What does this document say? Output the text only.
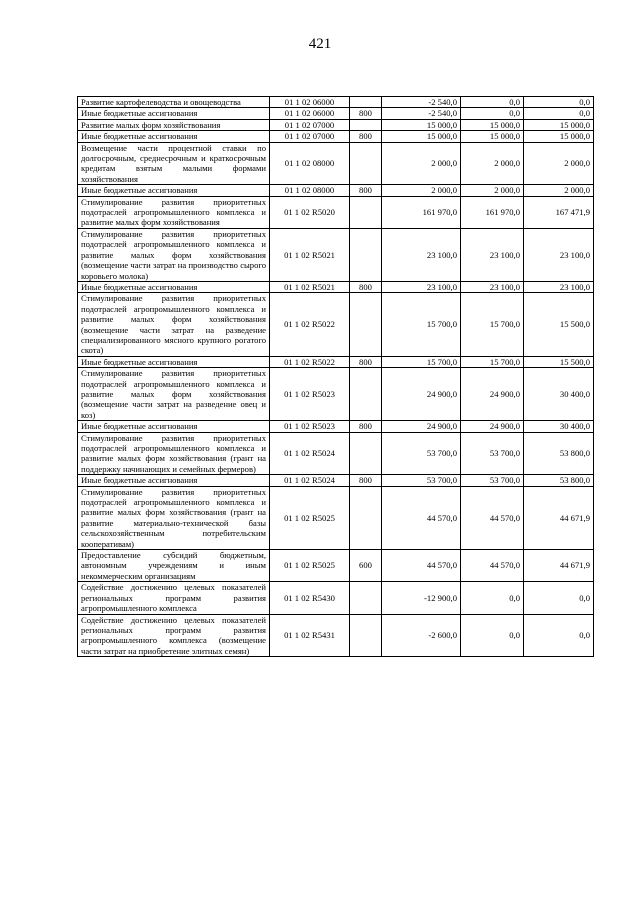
421
Развитие картофелеводства и овощеводства	01 1 02 06000		-2 540,0	0,0	0,0
Иные бюджетные ассигнования	01 1 02 06000	800	-2 540,0	0,0	0,0
Развитие малых форм хозяйствования	01 1 02 07000		15 000,0	15 000,0	15 000,0
Иные бюджетные ассигнования	01 1 02 07000	800	15 000,0	15 000,0	15 000,0
Возмещение части процентной ставки по долгосрочным, среднесрочным и краткосрочным кредитам взятым малыми формами хозяйствования	01 1 02 08000		2 000,0	2 000,0	2 000,0
Иные бюджетные ассигнования	01 1 02 08000	800	2 000,0	2 000,0	2 000,0
Стимулирование развития приоритетных подотраслей агропромышленного комплекса и развитие малых форм хозяйствования	01 1 02 R5020		161 970,0	161 970,0	167 471,9
Стимулирование развития приоритетных подотраслей агропромышленного комплекса и развитие малых форм хозяйствования (возмещение части затрат на производство сырого коровьего молока)	01 1 02 R5021		23 100,0	23 100,0	23 100,0
Иные бюджетные ассигнования	01 1 02 R5021	800	23 100,0	23 100,0	23 100,0
Стимулирование развития приоритетных подотраслей агропромышленного комплекса и развитие малых форм хозяйствования (возмещение части затрат на разведение специализированного мясного крупного рогатого скота)	01 1 02 R5022		15 700,0	15 700,0	15 500,0
Иные бюджетные ассигнования	01 1 02 R5022	800	15 700,0	15 700,0	15 500,0
Стимулирование развития приоритетных подотраслей агропромышленного комплекса и развитие малых форм хозяйствования (возмещение части затрат на разведение овец и коз)	01 1 02 R5023		24 900,0	24 900,0	30 400,0
Иные бюджетные ассигнования	01 1 02 R5023	800	24 900,0	24 900,0	30 400,0
Стимулирование развития приоритетных подотраслей агропромышленного комплекса и развитие малых форм хозяйствования (грант на поддержку начинающих и семейных фермеров)	01 1 02 R5024		53 700,0	53 700,0	53 800,0
Иные бюджетные ассигнования	01 1 02 R5024	800	53 700,0	53 700,0	53 800,0
Стимулирование развития приоритетных подотраслей агропромышленного комплекса и развитие малых форм хозяйствования (грант на развитие материально-технической базы сельскохозяйственным потребительским кооперативам)	01 1 02 R5025		44 570,0	44 570,0	44 671,9
Предоставление субсидий бюджетным, автономным учреждениям и иным некоммерческим организациям	01 1 02 R5025	600	44 570,0	44 570,0	44 671,9
Содействие достижению целевых показателей региональных программ развития агропромышленного комплекса	01 1 02 R5430		-12 900,0	0,0	0,0
Содействие достижению целевых показателей региональных программ развития агропромышленного комплекса (возмещение части затрат на приобретение элитных семян)	01 1 02 R5431		-2 600,0	0,0	0,0
